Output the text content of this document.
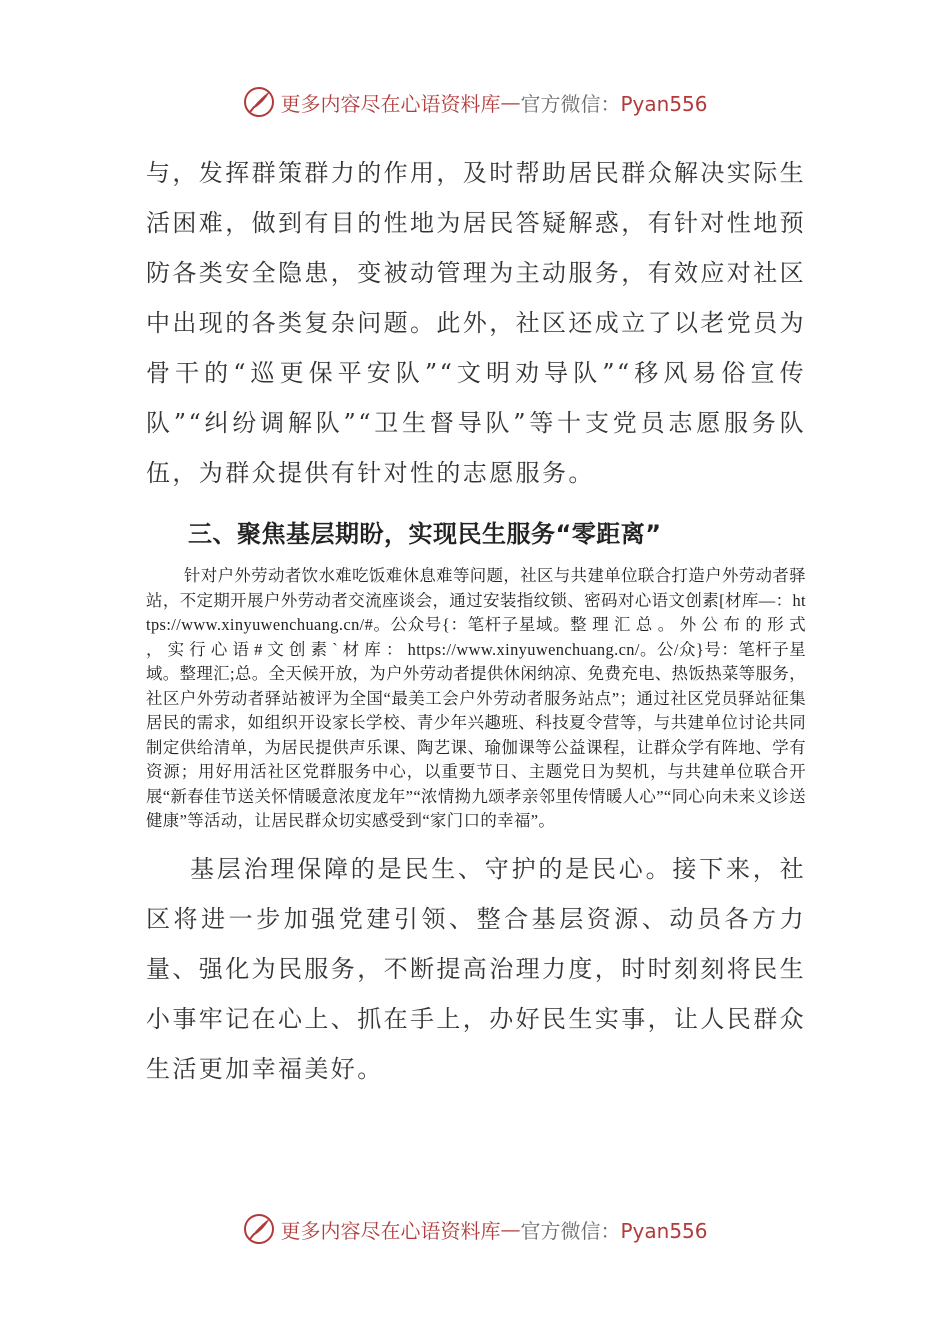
更多内容尽在心语资料库 — 官方微信：Pyan556

与，发挥群策群力的作用，及时帮助居民群众解决实际生活困难，做到有目的性地为居民答疑解惑，有针对性地预防各类安全隐患，变被动管理为主动服务，有效应对社区中出现的各类复杂问题。此外，社区还成立了以老党员为骨干的“巡更保平安队”“文明劝导队”“移风易俗宣传队”“纠纷调解队”“卫生督导队”等十支党员志愿服务队伍，为群众提供有针对性的志愿服务。

三、聚焦基层期盼，实现民生服务“零距离”

针对户外劳动者饮水难吃饭难休息难等问题，社区与共建单位联合打造户外劳动者驿站，不定期开展户外劳动者交流座谈会，通过安装指纹锁、密码对心语文创素[材库—：https://www.xinyuwenchuang.cn/#。公众号{：笔杆子星域。整 理 汇 总 。 外 公 布 的 形 式 ， 实 行 心 语 # 文 创 素 ` 材 库 ： https://www.xinyuwenchuang.cn/。公/众}号：笔杆子星域。整理汇;总。全天候开放，为户外劳动者提供休闲纳凉、免费充电、热饭热菜等服务，社区户外劳动者驿站被评为全国“最美工会户外劳动者服务站点”；通过社区党员驿站征集居民的需求，如组织开设家长学校、青少年兴趣班、科技夏令营等，与共建单位讨论共同制定供给清单，为居民提供声乐课、陶艺课、瑜伽课等公益课程，让群众学有阵地、学有资源；用好用活社区党群服务中心，以重要节日、主题党日为契机，与共建单位联合开展“新春佳节送关怀情暖意浓度龙年”“浓情拗九颂孝亲邻里传情暖人心”“同心向未来义诊送健康”等活动，让居民群众切实感受到“家门口的幸福”。

基层治理保障的是民生、守护的是民心。接下来，社区将进一步加强党建引领、整合基层资源、动员各方力量、强化为民服务，不断提高治理力度，时时刻刻将民生小事牢记在心上、抓在手上，办好民生实事，让人民群众生活更加幸福美好。

更多内容尽在心语资料库 — 官方微信：Pyan556
